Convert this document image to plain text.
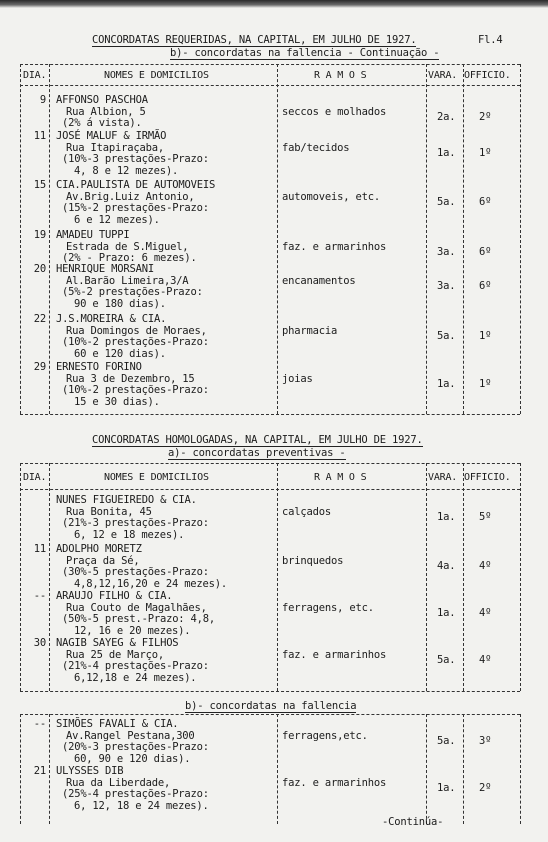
CONCORDATAS REQUERIDAS, NA CAPITAL, EM JULHO DE 1927.	Fl.4
b)- concordatas na fallencia - Continuação -
DIA.	NOMES E DOMICILIOS	R A M O S	VARA. OFFICIO.
9 AFFONSO PASCHOA
Rua Albion, 5
(2% á vista).
seccos e molhados	2a. 2º
11 JOSÉ MALUF & IRMÃO
Rua Itapiraçaba,
(10%-3 prestações-Prazo:
4, 8 e 12 mezes).
fab/tecidos	1a. 1º
15 CIA.PAULISTA DE AUTOMOVEIS
Av.Brig.Luiz Antonio,
(15%-2 prestações-Prazo:
6 e 12 mezes).
automoveis, etc.	5a. 6º
19 AMADEU TUPPI
Estrada de S.Miguel,
(2% - Prazo: 6 mezes).
faz. e armarinhos	3a. 6º
20 HENRIQUE MORSANI
Al.Barão Limeira,3/A
(5%-2 prestações-Prazo:
90 e 180 dias).
encanamentos	3a. 6º
22 J.S.MOREIRA & CIA.
Rua Domingos de Moraes,
(10%-2 prestações-Prazo:
60 e 120 dias).
pharmacia	5a. 1º
29 ERNESTO FORINO
Rua 3 de Dezembro, 15
(10%-2 prestações-Prazo:
15 e 30 dias).
joias	1a. 1º
CONCORDATAS HOMOLOGADAS, NA CAPITAL, EM JULHO DE 1927.
a)- concordatas preventivas -
DIA.	NOMES E DOMICILIOS	R A M O S	VARA. OFFICIO.
NUNES FIGUEIREDO & CIA.
Rua Bonita, 45
(21%-3 prestações-Prazo:
6, 12 e 18 mezes).
calçados	1a. 5º
11 ADOLPHO MORETZ
Praça da Sé,
(30%-5 prestações-Prazo:
4,8,12,16,20 e 24 mezes).
brinquedos	4a. 4º
-- ARAUJO FILHO & CIA.
Rua Couto de Magalhães,
(50%-5 prest.-Prazo: 4,8,
12, 16 e 20 mezes).
ferragens, etc.	1a. 4º
30 NAGIB SAYEG & FILHOS
Rua 25 de Março,
(21%-4 prestações-Prazo:
6,12,18 e 24 mezes).
faz. e armarinhos	5a. 4º
b)- concordatas na fallencia
-- SIMÕES FAVALI & CIA.
Av.Rangel Pestana,300
(20%-3 prestações-Prazo:
60, 90 e 120 dias).
ferragens,etc.	5a. 3º
21 ULYSSES DIB
Rua da Liberdade,
(25%-4 prestações-Prazo:
6, 12, 18 e 24 mezes).
faz. e armarinhos	1a. 2º
-Continúa-
